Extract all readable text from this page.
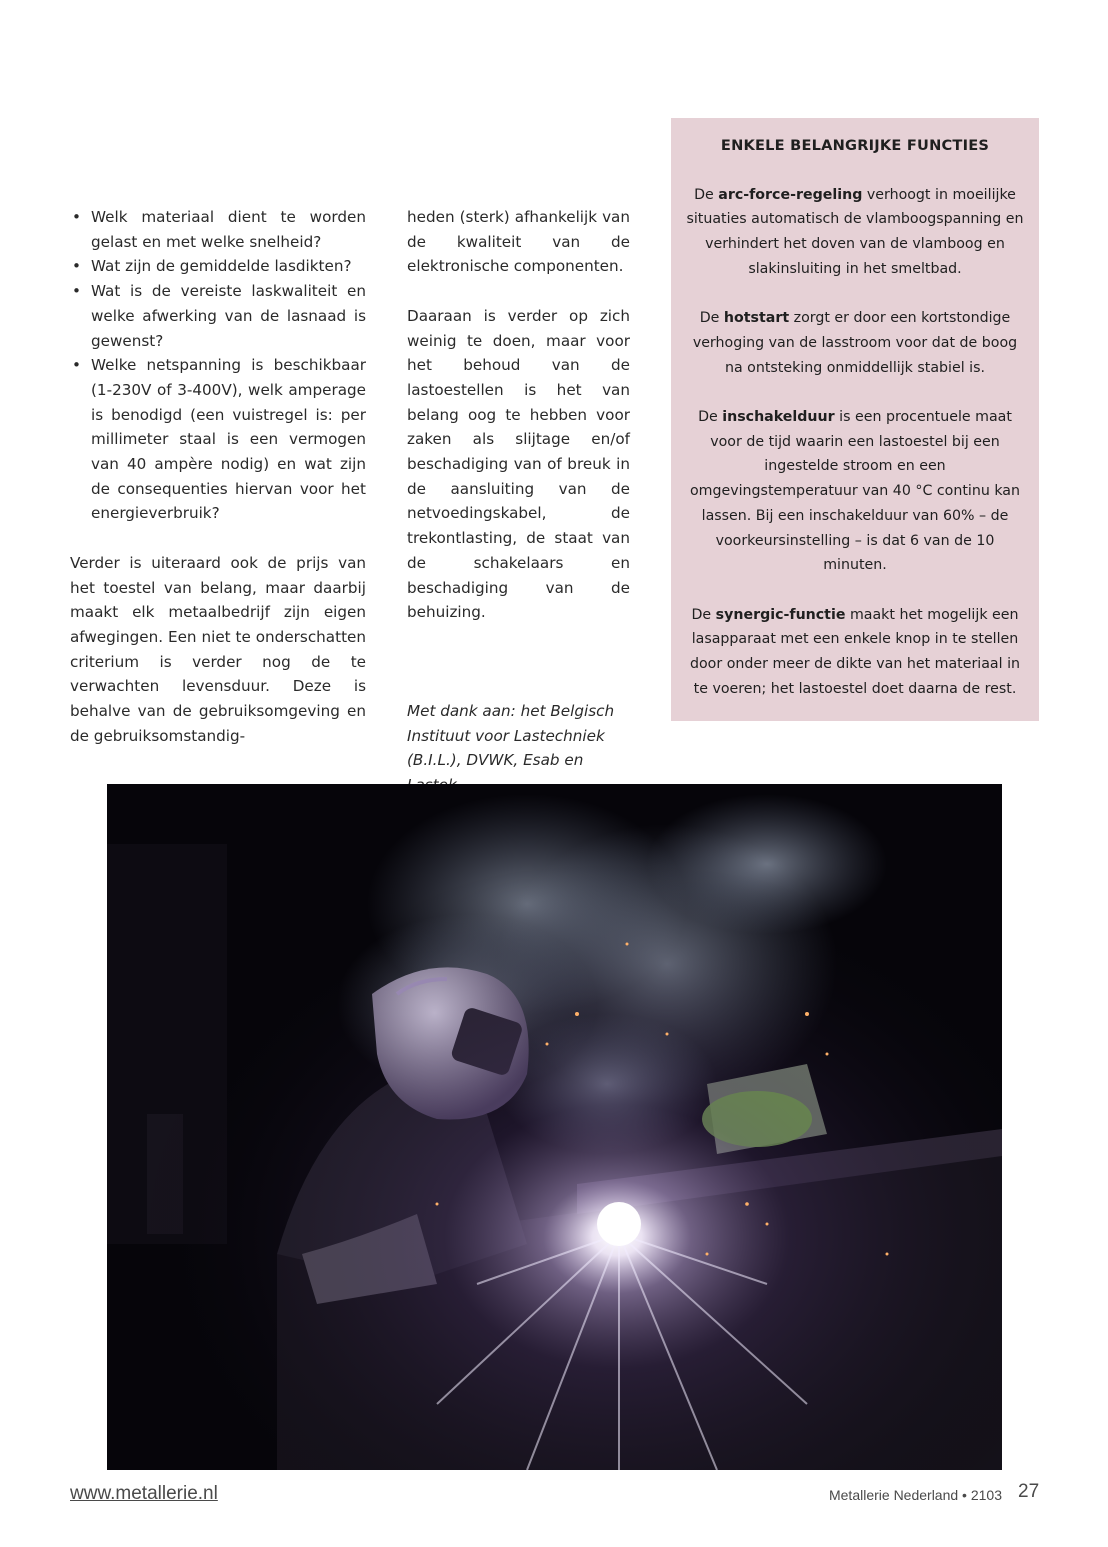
• Welk materiaal dient te worden gelast en met welke snelheid?
• Wat zijn de gemiddelde lasdikten?
• Wat is de vereiste laskwaliteit en welke afwerking van de lasnaad is gewenst?
• Welke netspanning is beschikbaar (1-230V of 3-400V), welk amperage is benodigd (een vuistregel is: per millimeter staal is een vermogen van 40 ampère nodig) en wat zijn de consequenties hiervan voor het energieverbruik?

Verder is uiteraard ook de prijs van het toestel van belang, maar daarbij maakt elk metaalbedrijf zijn eigen afwegingen. Een niet te onderschatten criterium is verder nog de te verwachten levensduur. Deze is behalve van de gebruiksomgeving en de gebruiksomstandig-

heden (sterk) afhankelijk van de kwaliteit van de elektronische componenten.

Daaraan is verder op zich weinig te doen, maar voor het behoud van de lastoestellen is het van belang oog te hebben voor zaken als slijtage en/of beschadiging van of breuk in de aansluiting van de netvoedingskabel, de trekontlasting, de staat van de schakelaars en beschadiging van de behuizing.

Met dank aan: het Belgisch Instituut voor Lastechniek (B.I.L.), DVWK, Esab en

ENKELE BELANGRIJKE FUNCTIES

De arc-force-regeling verhoogt in moeilijke situaties automatisch de vlamboogspanning en verhindert het doven van de vlamboog en slakinsluiting in het smeltbad.

De hotstart zorgt er door een kortstondige verhoging van de lasstroom voor dat de boog na ontsteking onmiddellijk stabiel is.

De inschakelduur is een procentuele maat voor de tijd waarin een lastoestel bij een ingestelde stroom en een omgevingstemperatuur van 40 °C continu kan lassen. Bij een inschakelduur van 60% – de voorkeursinstelling – is dat 6 van de 10 minuten.

De synergic-functie maakt het mogelijk een lasapparaat met een enkele knop in te stellen door onder meer de dikte van het materiaal in te voeren; het lastoestel doet daarna de rest.

www.metallerie.nl	Metallerie Nederland • 2103 27
